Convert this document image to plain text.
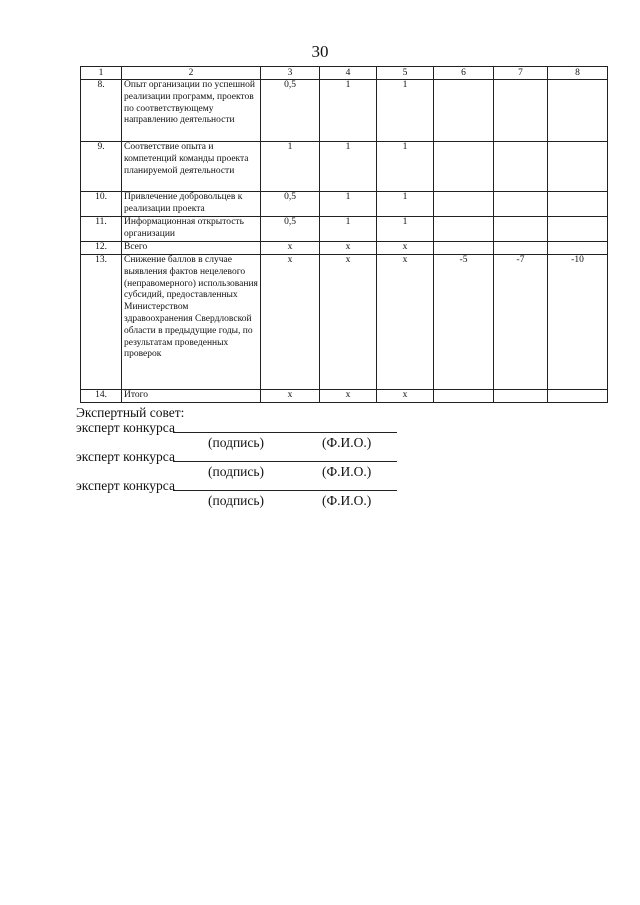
30
1	2	3	4	5	6	7	8
8.	Опыт организации по успешной реализации программ, проектов по соответствующему направлению деятельности	0,5	1	1			
9.	Соответствие опыта и компетенций команды проекта планируемой деятельности	1	1	1			
10.	Привлечение добровольцев к реализации проекта	0,5	1	1			
11.	Информационная открытость организации	0,5	1	1			
12.	Всего	x	x	x			
13.	Снижение баллов в случае выявления фактов нецелевого (неправомерного) использования субсидий, предоставленных Министерством здравоохранения Свердловской области в предыдущие годы, по результатам проведенных проверок	x	x	x	-5	-7	-10
14.	Итого	x	x	x			
Экспертный совет:
эксперт конкурса
(подпись)	(Ф.И.О.)
эксперт конкурса
(подпись)	(Ф.И.О.)
эксперт конкурса
(подпись)	(Ф.И.О.)
